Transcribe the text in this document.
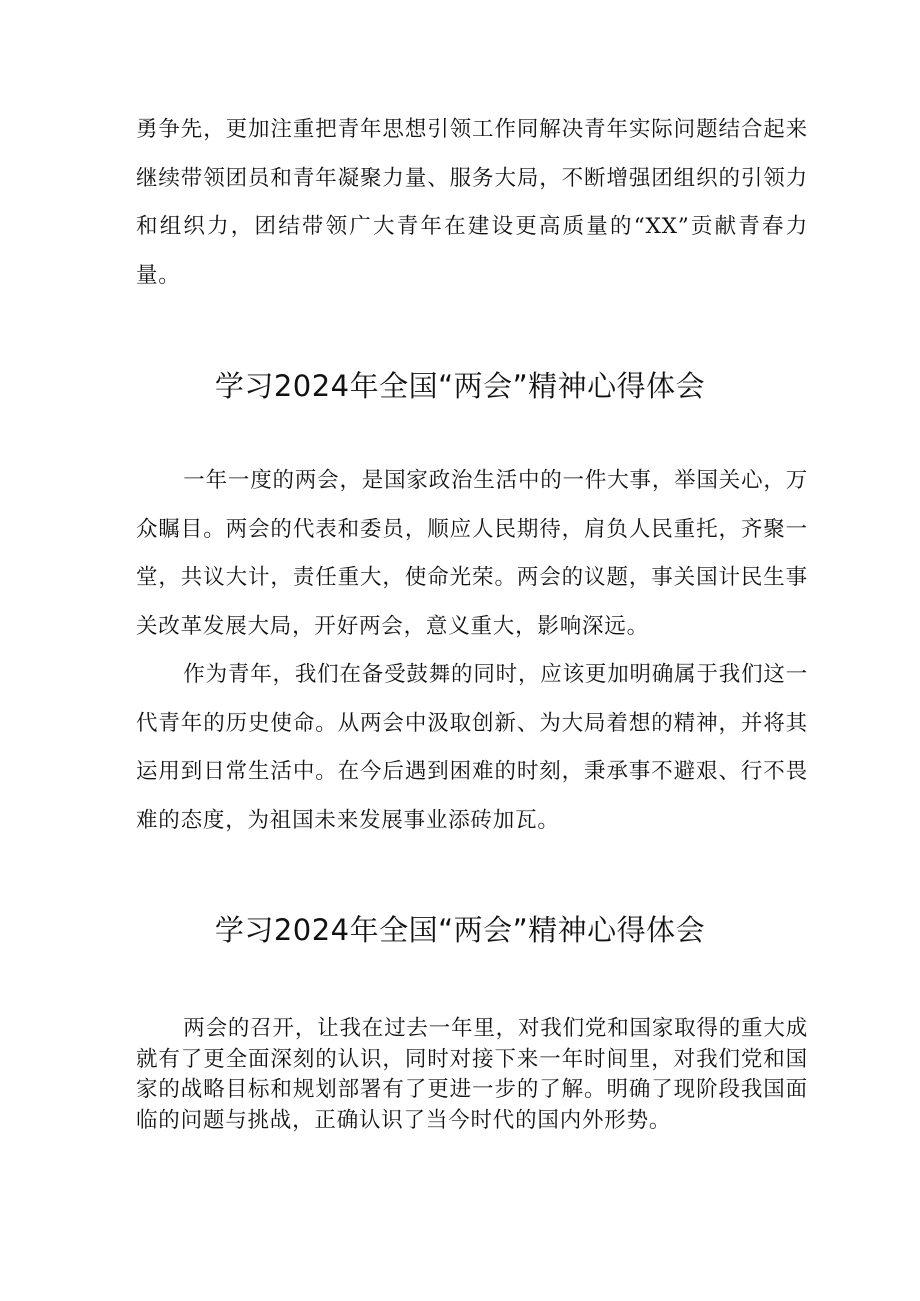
勇争先，更加注重把青年思想引领工作同解决青年实际问题结合起来继续带领团员和青年凝聚力量、服务大局，不断增强团组织的引领力和组织力，团结带领广大青年在建设更高质量的“XX”贡献青春力量。

学习2024年全国“两会”精神心得体会

一年一度的两会，是国家政治生活中的一件大事，举国关心，万众瞩目。两会的代表和委员，顺应人民期待，肩负人民重托，齐聚一堂，共议大计，责任重大，使命光荣。两会的议题，事关国计民生事关改革发展大局，开好两会，意义重大，影响深远。

作为青年，我们在备受鼓舞的同时，应该更加明确属于我们这一代青年的历史使命。从两会中汲取创新、为大局着想的精神，并将其运用到日常生活中。在今后遇到困难的时刻，秉承事不避艰、行不畏难的态度，为祖国未来发展事业添砖加瓦。

学习2024年全国“两会”精神心得体会

两会的召开，让我在过去一年里，对我们党和国家取得的重大成就有了更全面深刻的认识，同时对接下来一年时间里，对我们党和国家的战略目标和规划部署有了更进一步的了解。明确了现阶段我国面临的问题与挑战，正确认识了当今时代的国内外形势。
